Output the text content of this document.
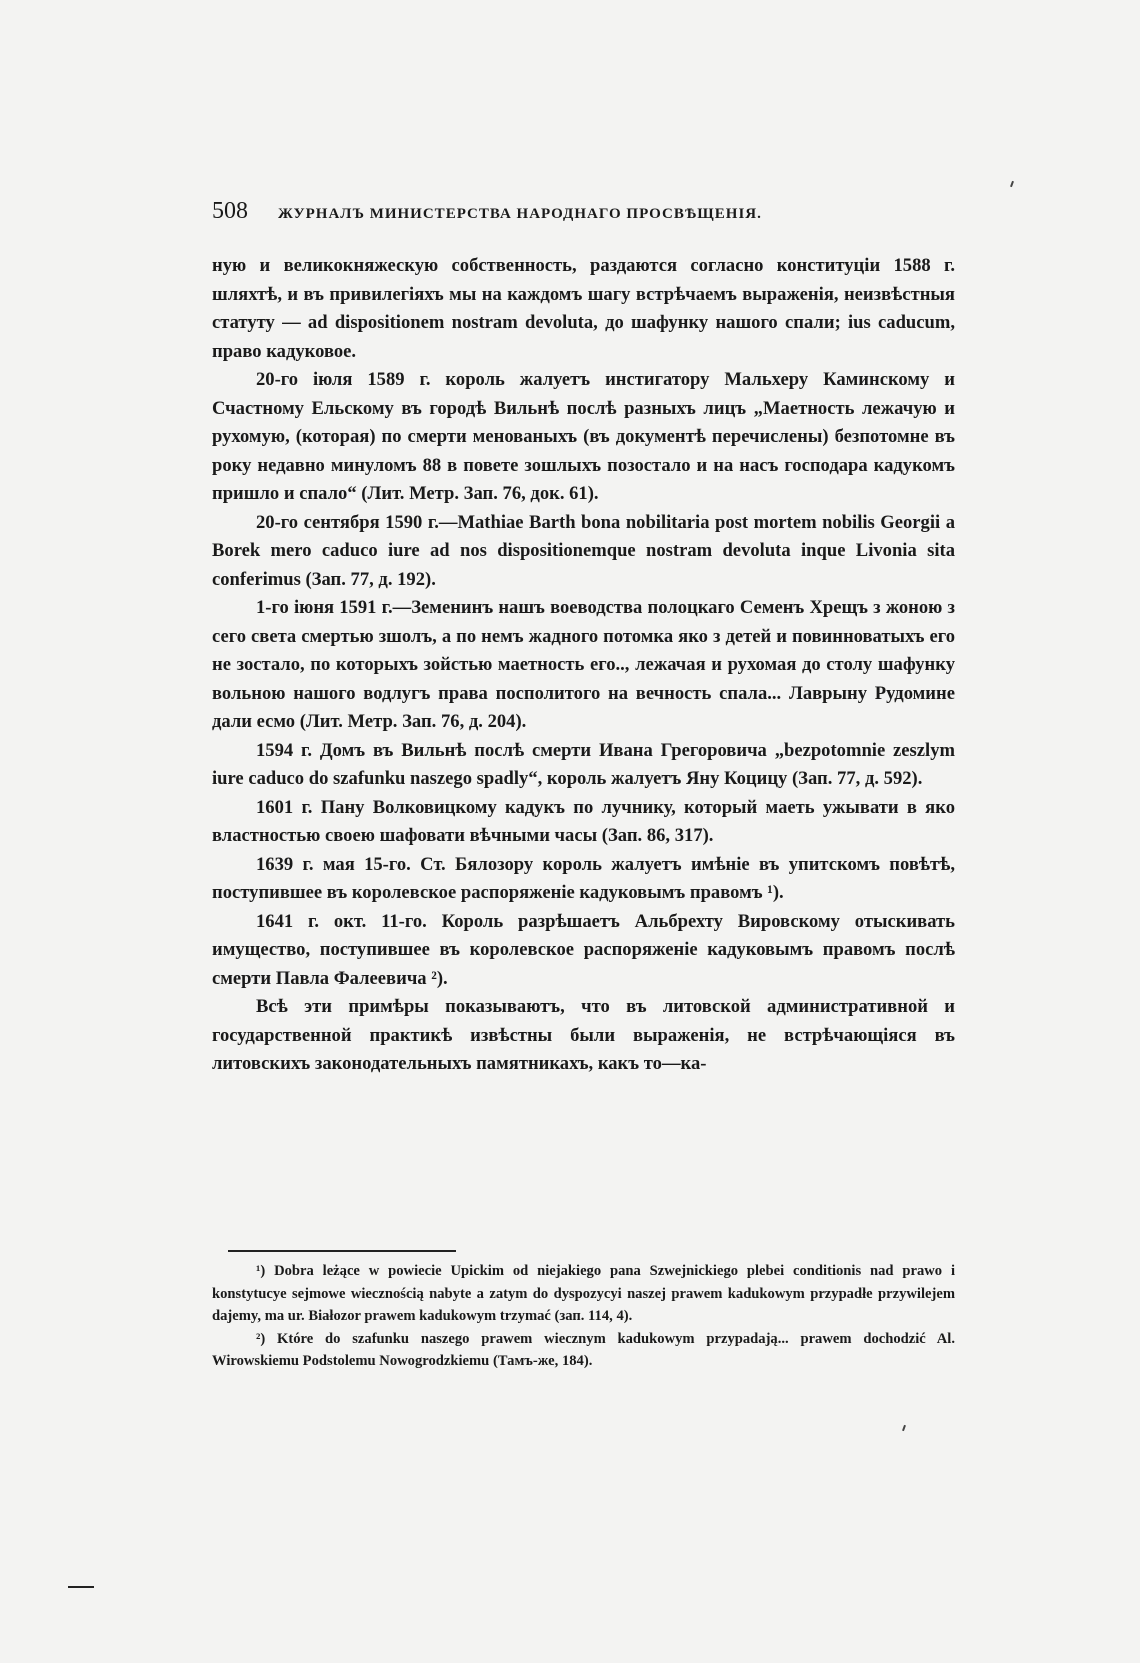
508 ЖУРНАЛЪ МИНИСТЕРСТВА НАРОДНАГО ПРОСВѢЩЕНІЯ.

ную и великокняжескую собственность, раздаются согласно конституціи 1588 г. шляхтѣ, и въ привилегіяхъ мы на каждомъ шагу встрѣчаемъ выраженія, неизвѣстныя статуту — ad dispositionem nostram devoluta, до шафунку нашого спали; ius caducum, право кадуковое.

20-го іюля 1589 г. король жалуетъ инстигатору Мальхеру Каминскому и Счастному Ельскому въ городѣ Вильнѣ послѣ разныхъ лицъ „Маетность лежачую и рухомую, (которая) по смерти менованыхъ (въ документѣ перечислены) безпотомне въ року недавно минуломъ 88 в повете зошлыхъ позостало и на насъ господара кадукомъ пришло и спало“ (Лит. Метр. Зап. 76, док. 61).

20-го сентября 1590 г.—Mathiae Barth bona nobilitaria post mortem nobilis Georgii a Borek mero caduco iure ad nos dispositionemque nostram devoluta inque Livonia sita conferimus (Зап. 77, д. 192).

1-го іюня 1591 г.—Земенинъ нашъ воеводства полоцкаго Семенъ Хрещъ з жоною з сего света смертью зшолъ, а по немъ жадного потомка яко з детей и повинноватыхъ его не зостало, по которыхъ зойстью маетность его.., лежачая и рухомая до столу шафунку вольною нашого водлугъ права посполитого на вечность спала... Лаврыну Рудомине дали есмо (Лит. Метр. Зап. 76, д. 204).

1594 г. Домъ въ Вильнѣ послѣ смерти Ивана Грегоровича „bezpotomnie zeszlym iure caduco do szafunku naszego spadly“, король жалуетъ Яну Коцицу (Зап. 77, д. 592).

1601 г. Пану Волковицкому кадукъ по лучнику, который маеть ужывати в яко властностью своею шафовати вѣчными часы (Зап. 86, 317).

1639 г. мая 15-го. Ст. Бялозору король жалуетъ имѣніе въ упитскомъ повѣтѣ, поступившее въ королевское распоряженіе кадуковымъ правомъ ¹).

1641 г. окт. 11-го. Король разрѣшаетъ Альбрехту Вировскому отыскивать имущество, поступившее въ королевское распоряженіе кадуковымъ правомъ послѣ смерти Павла Фалеевича ²).

Всѣ эти примѣры показываютъ, что въ литовской административной и государственной практикѣ извѣстны были выраженія, не встрѣчающіяся въ литовскихъ законодательныхъ памятникахъ, какъ то—ка-

¹) Dobra leżące w powiecie Upickim od niejakiego pana Szwejnickiego plebei conditionis nad prawo i konstytucye sejmowe wiecznością nabyte a zatym do dyspozycyi naszej prawem kadukowym przypadłe przywilejem dajemy, ma ur. Białozor prawem kadukowym trzymać (зап. 114, 4).

²) Które do szafunku naszego prawem wiecznym kadukowym przypadają... prawem dochodzić Al. Wirowskiemu Podstolemu Nowogrodzkiemu (Тамъ-же, 184).
